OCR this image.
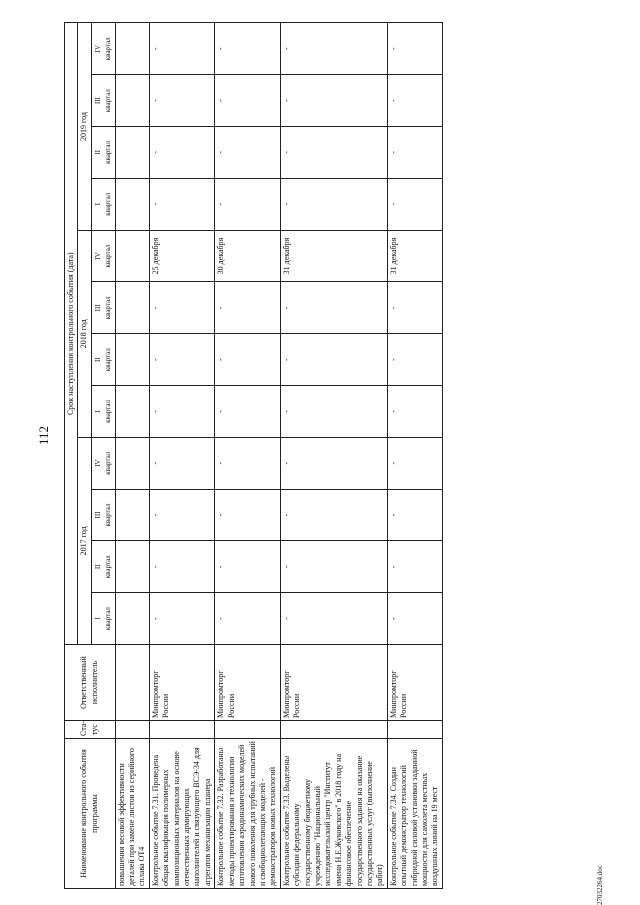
112
Наименование контрольного события программы	Ста-тус	Ответственный исполнитель	Срок наступления контрольного события (дата)											
			2017 год				2018 год				2019 год			
			I квартал	II квартал	III квартал	IV квартал	I квартал	II квартал	III квартал	IV квартал	I квартал	II квартал	III квартал	IV квартал
повышения весовой эффективности деталей при замене листов из серийного сплава ОТ4														
Контрольное событие 7.31. Проведена общая квалификация полимерных композиционных материалов на основе отечественных армирующих наполнителей и связующего ВСЭ-34 для агрегатов механизации планера		Минпромторг России	-	-	-	-	-	-	-	25 декабря	-	-	-	-
Контрольное событие 7.32. Разработаны методы проектирования и технологии изготовления аэродинамических моделей нового поколения для трубных испытаний и свободнолетающих моделей - демонстраторов новых технологий		Минпромторг России	-	-	-	-	-	-	-	30 декабря	-	-	-	-
Контрольное событие 7.33. Выделены субсидии федеральному государственному бюджетному учреждению "Национальный исследовательский центр "Институт имени Н.Е.Жуковского" в 2018 году на финансовое обеспечение государственного задания на оказание государственных услуг (выполнение работ)		Минпромторг России	-	-	-	-	-	-	-	31 декабря	-	-	-	-
Контрольное событие 7.34. Создан опытный демонстратор технологий гибридной силовой установки заданной мощности для самолета местных воздушных линий на 19 мест		Минпромторг России	-	-	-	-	-	-	-	31 декабря	-	-	-	-
27032264.doc
